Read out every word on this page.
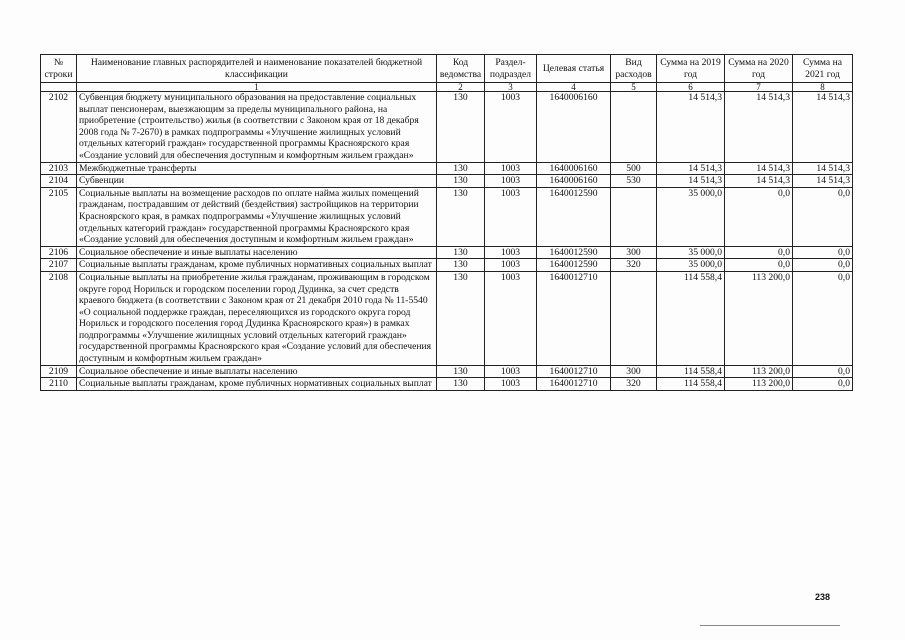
№ строки	Наименование главных распорядителей и наименование показателей бюджетной классификации	Код ведомства	Раздел-подраздел	Целевая статья	Вид расходов	Сумма на 2019 год	Сумма на 2020 год	Сумма на 2021 год
	1	2	3	4	5	6	7	8
2102	Субвенция бюджету муниципального образования на предоставление социальных выплат пенсионерам, выезжающим за пределы муниципального района, на приобретение (строительство) жилья (в соответствии с Законом края от 18 декабря 2008 года № 7-2670) в рамках подпрограммы «Улучшение жилищных условий отдельных категорий граждан» государственной программы Красноярского края «Создание условий для обеспечения доступным и комфортным жильем граждан»	130	1003	1640006160		14 514,3	14 514,3	14 514,3
2103	Межбюджетные трансферты	130	1003	1640006160	500	14 514,3	14 514,3	14 514,3
2104	Субвенции	130	1003	1640006160	530	14 514,3	14 514,3	14 514,3
2105	Социальные выплаты на возмещение расходов по оплате найма жилых помещений гражданам, пострадавшим от действий (бездействия) застройщиков на территории Красноярского края, в рамках подпрограммы «Улучшение жилищных условий отдельных категорий граждан» государственной программы Красноярского края «Создание условий для обеспечения доступным и комфортным жильем граждан»	130	1003	1640012590		35 000,0	0,0	0,0
2106	Социальное обеспечение и иные выплаты населению	130	1003	1640012590	300	35 000,0	0,0	0,0
2107	Социальные выплаты гражданам, кроме публичных нормативных социальных выплат	130	1003	1640012590	320	35 000,0	0,0	0,0
2108	Социальные выплаты на приобретение жилья гражданам, проживающим в городском округе город Норильск и городском поселении город Дудинка, за счет средств краевого бюджета (в соответствии с Законом края от 21 декабря 2010 года № 11-5540 «О социальной поддержке граждан, переселяющихся из городского округа город Норильск и городского поселения город Дудинка Красноярского края») в рамках подпрограммы «Улучшение жилищных условий отдельных категорий граждан» государственной программы Красноярского края «Создание условий для обеспечения доступным и комфортным жильем граждан»	130	1003	1640012710		114 558,4	113 200,0	0,0
2109	Социальное обеспечение и иные выплаты населению	130	1003	1640012710	300	114 558,4	113 200,0	0,0
2110	Социальные выплаты гражданам, кроме публичных нормативных социальных выплат	130	1003	1640012710	320	114 558,4	113 200,0	0,0
238
